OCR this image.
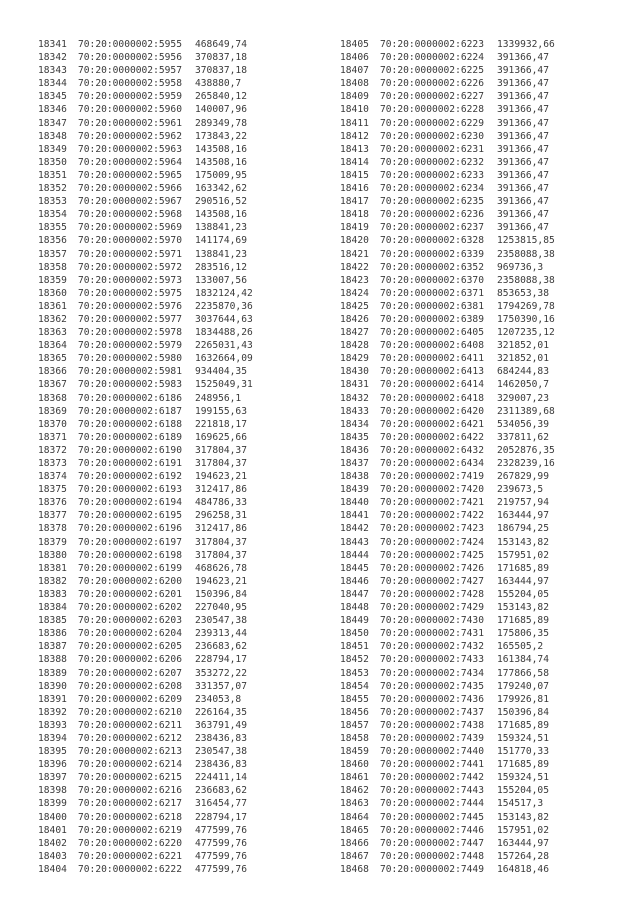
18341 70:20:0000002:5955 468649,74
18342 70:20:0000002:5956 370837,18
18343 70:20:0000002:5957 370837,18
18344 70:20:0000002:5958 438880,7
18345 70:20:0000002:5959 265840,12
18346 70:20:0000002:5960 140007,96
18347 70:20:0000002:5961 289349,78
18348 70:20:0000002:5962 173843,22
18349 70:20:0000002:5963 143508,16
18350 70:20:0000002:5964 143508,16
18351 70:20:0000002:5965 175009,95
18352 70:20:0000002:5966 163342,62
18353 70:20:0000002:5967 290516,52
18354 70:20:0000002:5968 143508,16
18355 70:20:0000002:5969 138841,23
18356 70:20:0000002:5970 141174,69
18357 70:20:0000002:5971 138841,23
18358 70:20:0000002:5972 283516,12
18359 70:20:0000002:5973 133007,56
18360 70:20:0000002:5975 1832124,42
18361 70:20:0000002:5976 2235870,36
18362 70:20:0000002:5977 3037644,63
18363 70:20:0000002:5978 1834488,26
18364 70:20:0000002:5979 2265031,43
18365 70:20:0000002:5980 1632664,09
18366 70:20:0000002:5981 934404,35
18367 70:20:0000002:5983 1525049,31
18368 70:20:0000002:6186 248956,1
18369 70:20:0000002:6187 199155,63
18370 70:20:0000002:6188 221818,17
18371 70:20:0000002:6189 169625,66
18372 70:20:0000002:6190 317804,37
18373 70:20:0000002:6191 317804,37
18374 70:20:0000002:6192 194623,21
18375 70:20:0000002:6193 312417,86
18376 70:20:0000002:6194 484786,33
18377 70:20:0000002:6195 296258,31
18378 70:20:0000002:6196 312417,86
18379 70:20:0000002:6197 317804,37
18380 70:20:0000002:6198 317804,37
18381 70:20:0000002:6199 468626,78
18382 70:20:0000002:6200 194623,21
18383 70:20:0000002:6201 150396,84
18384 70:20:0000002:6202 227040,95
18385 70:20:0000002:6203 230547,38
18386 70:20:0000002:6204 239313,44
18387 70:20:0000002:6205 236683,62
18388 70:20:0000002:6206 228794,17
18389 70:20:0000002:6207 353272,22
18390 70:20:0000002:6208 331357,07
18391 70:20:0000002:6209 234053,8
18392 70:20:0000002:6210 226164,35
18393 70:20:0000002:6211 363791,49
18394 70:20:0000002:6212 238436,83
18395 70:20:0000002:6213 230547,38
18396 70:20:0000002:6214 238436,83
18397 70:20:0000002:6215 224411,14
18398 70:20:0000002:6216 236683,62
18399 70:20:0000002:6217 316454,77
18400 70:20:0000002:6218 228794,17
18401 70:20:0000002:6219 477599,76
18402 70:20:0000002:6220 477599,76
18403 70:20:0000002:6221 477599,76
18404 70:20:0000002:6222 477599,76
18405 70:20:0000002:6223 1339932,66
18406 70:20:0000002:6224 391366,47
18407 70:20:0000002:6225 391366,47
18408 70:20:0000002:6226 391366,47
18409 70:20:0000002:6227 391366,47
18410 70:20:0000002:6228 391366,47
18411 70:20:0000002:6229 391366,47
18412 70:20:0000002:6230 391366,47
18413 70:20:0000002:6231 391366,47
18414 70:20:0000002:6232 391366,47
18415 70:20:0000002:6233 391366,47
18416 70:20:0000002:6234 391366,47
18417 70:20:0000002:6235 391366,47
18418 70:20:0000002:6236 391366,47
18419 70:20:0000002:6237 391366,47
18420 70:20:0000002:6328 1253815,85
18421 70:20:0000002:6339 2358088,38
18422 70:20:0000002:6352 969736,3
18423 70:20:0000002:6370 2358088,38
18424 70:20:0000002:6371 853653,38
18425 70:20:0000002:6381 1794269,78
18426 70:20:0000002:6389 1750390,16
18427 70:20:0000002:6405 1207235,12
18428 70:20:0000002:6408 321852,01
18429 70:20:0000002:6411 321852,01
18430 70:20:0000002:6413 684244,83
18431 70:20:0000002:6414 1462050,7
18432 70:20:0000002:6418 329007,23
18433 70:20:0000002:6420 2311389,68
18434 70:20:0000002:6421 534056,39
18435 70:20:0000002:6422 337811,62
18436 70:20:0000002:6432 2052876,35
18437 70:20:0000002:6434 2328239,16
18438 70:20:0000002:7419 267829,99
18439 70:20:0000002:7420 239673,5
18440 70:20:0000002:7421 219757,94
18441 70:20:0000002:7422 163444,97
18442 70:20:0000002:7423 186794,25
18443 70:20:0000002:7424 153143,82
18444 70:20:0000002:7425 157951,02
18445 70:20:0000002:7426 171685,89
18446 70:20:0000002:7427 163444,97
18447 70:20:0000002:7428 155204,05
18448 70:20:0000002:7429 153143,82
18449 70:20:0000002:7430 171685,89
18450 70:20:0000002:7431 175806,35
18451 70:20:0000002:7432 165505,2
18452 70:20:0000002:7433 161384,74
18453 70:20:0000002:7434 177866,58
18454 70:20:0000002:7435 179240,07
18455 70:20:0000002:7436 179926,81
18456 70:20:0000002:7437 150396,84
18457 70:20:0000002:7438 171685,89
18458 70:20:0000002:7439 159324,51
18459 70:20:0000002:7440 151770,33
18460 70:20:0000002:7441 171685,89
18461 70:20:0000002:7442 159324,51
18462 70:20:0000002:7443 155204,05
18463 70:20:0000002:7444 154517,3
18464 70:20:0000002:7445 153143,82
18465 70:20:0000002:7446 157951,02
18466 70:20:0000002:7447 163444,97
18467 70:20:0000002:7448 157264,28
18468 70:20:0000002:7449 164818,46
